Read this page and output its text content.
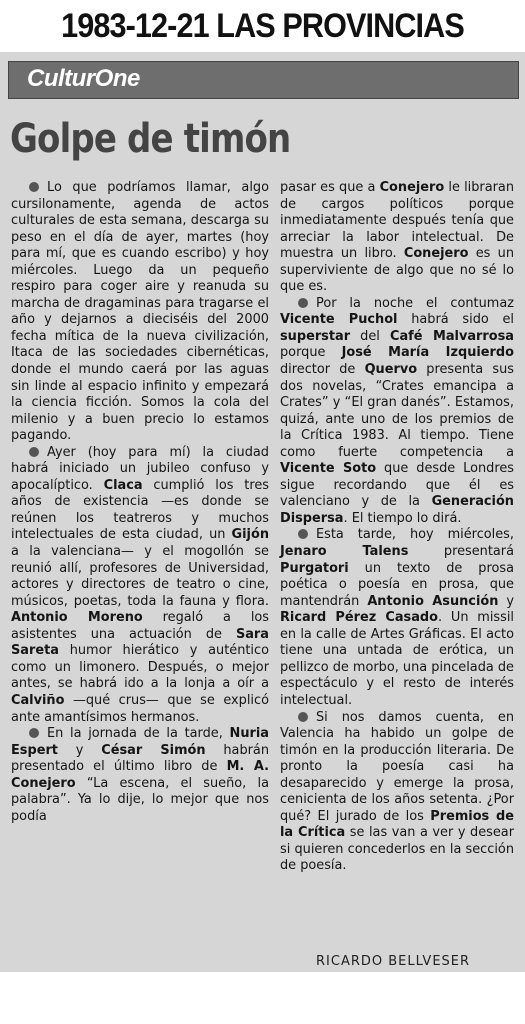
1983-12-21 LAS PROVINCIAS
CulturOne
Golpe de timón

Lo que podríamos llamar, algo cursilonamente, agenda de actos culturales de esta semana, descarga su peso en el día de ayer, martes (hoy para mí, que es cuando escribo) y hoy miércoles. Luego da un pequeño respiro para coger aire y reanuda su marcha de dragaminas para tragarse el año y dejarnos a dieciséis del 2000 fecha mítica de la nueva civilización, Itaca de las sociedades cibernéticas, donde el mundo caerá por las aguas sin linde al espacio infinito y empezará la ciencia ficción. Somos la cola del milenio y a buen precio lo estamos pagando.

Ayer (hoy para mí) la ciudad habrá iniciado un jubileo confuso y apocalíptico. Claca cumplió los tres años de existencia —es donde se reúnen los teatreros y muchos intelectuales de esta ciudad, un Gijón a la valenciana— y el mogollón se reunió allí, profesores de Universidad, actores y directores de teatro o cine, músicos, poetas, toda la fauna y flora. Antonio Moreno regaló a los asistentes una actuación de Sara Sareta humor hierático y auténtico como un limonero. Después, o mejor antes, se habrá ido a la lonja a oír a Calviño —qué crus— que se explicó ante amantísimos hermanos.

En la jornada de la tarde, Nuria Espert y César Simón habrán presentado el último libro de M. A. Conejero “La escena, el sueño, la palabra”. Ya lo dije, lo mejor que nos podía

pasar es que a Conejero le libraran de cargos políticos porque inmediatamente después tenía que arreciar la labor intelectual. De muestra un libro. Conejero es un superviviente de algo que no sé lo que es.

Por la noche el contumaz Vicente Puchol habrá sido el superstar del Café Malvarrosa porque José María Izquierdo director de Quervo presenta sus dos novelas, “Crates emancipa a Crates” y “El gran danés”. Estamos, quizá, ante uno de los premios de la Crítica 1983. Al tiempo. Tiene como fuerte competencia a Vicente Soto que desde Londres sigue recordando que él es valenciano y de la Generación Dispersa. El tiempo lo dirá.

Esta tarde, hoy miércoles, Jenaro Talens presentará Purgatori un texto de prosa poética o poesía en prosa, que mantendrán Antonio Asunción y Ricard Pérez Casado. Un missil en la calle de Artes Gráficas. El acto tiene una untada de erótica, un pellizco de morbo, una pincelada de espectáculo y el resto de interés intelectual.

Si nos damos cuenta, en Valencia ha habido un golpe de timón en la producción literaria. De pronto la poesía casi ha desaparecido y emerge la prosa, cenicienta de los años setenta. ¿Por qué? El jurado de los Premios de la Crítica se las van a ver y desear si quieren concederlos en la sección de poesía.

RICARDO BELLVESER
